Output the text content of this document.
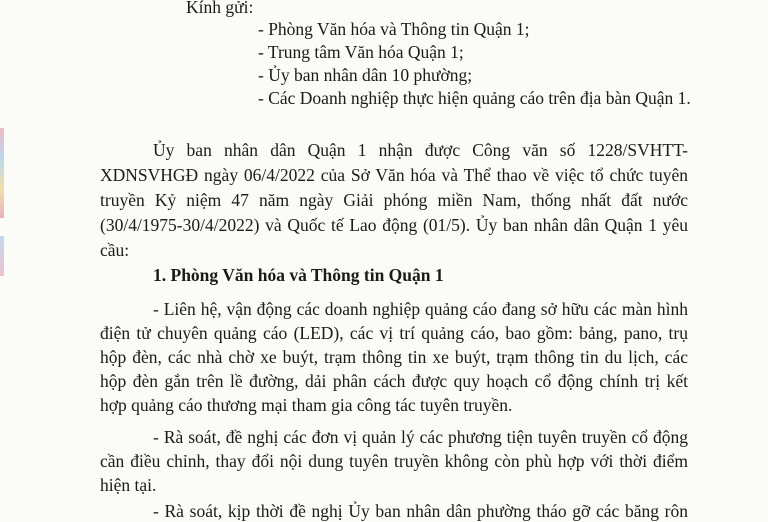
Kính gửi:
- Phòng Văn hóa và Thông tin Quận 1;
- Trung tâm Văn hóa Quận 1;
- Ủy ban nhân dân 10 phường;
- Các Doanh nghiệp thực hiện quảng cáo trên địa bàn Quận 1.
Ủy ban nhân dân Quận 1 nhận được Công văn số 1228/SVHTT-
XDNSVHGĐ ngày 06/4/2022 của Sở Văn hóa và Thể thao về việc tổ chức tuyên
truyền Kỷ niệm 47 năm ngày Giải phóng miền Nam, thống nhất đất nước
(30/4/1975-30/4/2022) và Quốc tế Lao động (01/5). Ủy ban nhân dân Quận 1 yêu
cầu:
1. Phòng Văn hóa và Thông tin Quận 1
- Liên hệ, vận động các doanh nghiệp quảng cáo đang sở hữu các màn hình
điện tử chuyên quảng cáo (LED), các vị trí quảng cáo, bao gồm: bảng, pano, trụ
hộp đèn, các nhà chờ xe buýt, trạm thông tin xe buýt, trạm thông tin du lịch, các
hộp đèn gắn trên lề đường, dải phân cách được quy hoạch cổ động chính trị kết
hợp quảng cáo thương mại tham gia công tác tuyên truyền.
- Rà soát, đề nghị các đơn vị quản lý các phương tiện tuyên truyền cổ động
cần điều chỉnh, thay đổi nội dung tuyên truyền không còn phù hợp với thời điểm
hiện tại.
- Rà soát, kịp thời đề nghị Ủy ban nhân dân phường tháo gỡ các băng rôn
